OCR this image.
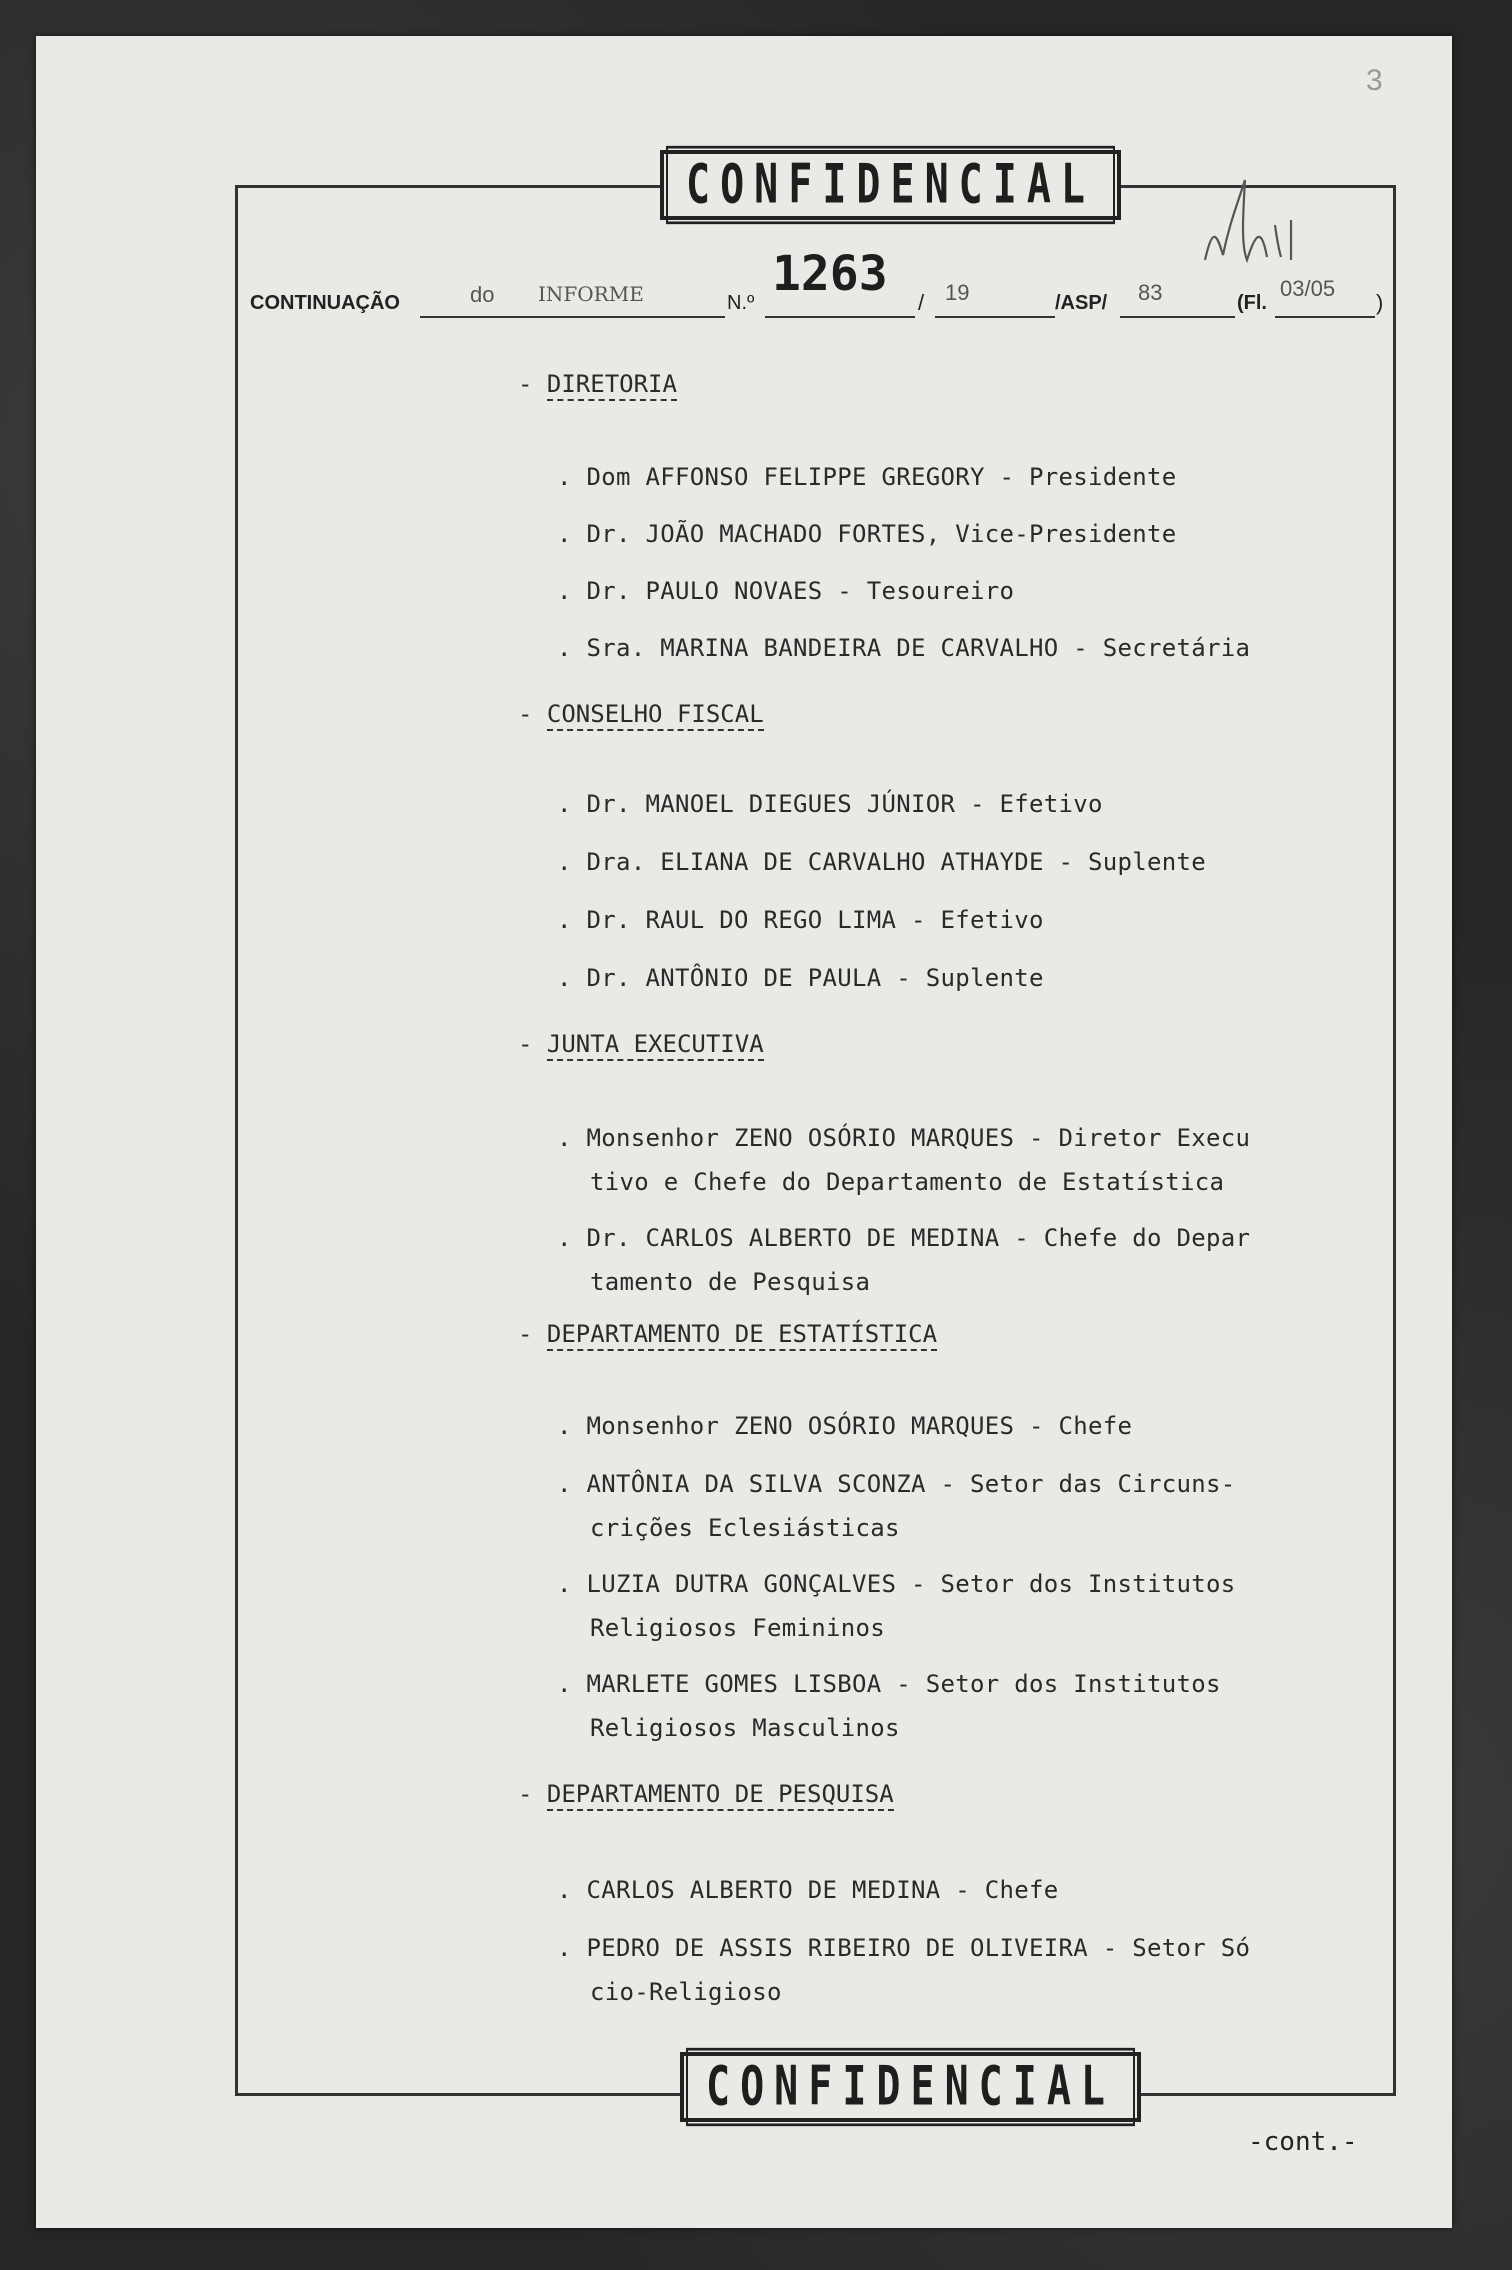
3
CONFIDENCIAL
CONTINUAÇÃO	do INFORME	N.º
1263
/ 19	/ASP/ 83	(Fl.
03/05
)
- DIRETORIA
. Dom AFFONSO FELIPPE GREGORY - Presidente
. Dr. JOÃO MACHADO FORTES, Vice-Presidente
. Dr. PAULO NOVAES - Tesoureiro
. Sra. MARINA BANDEIRA DE CARVALHO - Secretária
- CONSELHO FISCAL
. Dr. MANOEL DIEGUES JÚNIOR - Efetivo
. Dra. ELIANA DE CARVALHO ATHAYDE - Suplente
. Dr. RAUL DO REGO LIMA - Efetivo
. Dr. ANTÔNIO DE PAULA - Suplente
- JUNTA EXECUTIVA
. Monsenhor ZENO OSÓRIO MARQUES - Diretor Execu
tivo e Chefe do Departamento de Estatística
. Dr. CARLOS ALBERTO DE MEDINA - Chefe do Depar
tamento de Pesquisa
- DEPARTAMENTO DE ESTATÍSTICA
. Monsenhor ZENO OSÓRIO MARQUES - Chefe
. ANTÔNIA DA SILVA SCONZA - Setor das Circuns-
crições Eclesiásticas
. LUZIA DUTRA GONÇALVES - Setor dos Institutos
Religiosos Femininos
. MARLETE GOMES LISBOA - Setor dos Institutos
Religiosos Masculinos
- DEPARTAMENTO DE PESQUISA
. CARLOS ALBERTO DE MEDINA - Chefe
. PEDRO DE ASSIS RIBEIRO DE OLIVEIRA - Setor Só
cio-Religioso
CONFIDENCIAL
-cont.-
